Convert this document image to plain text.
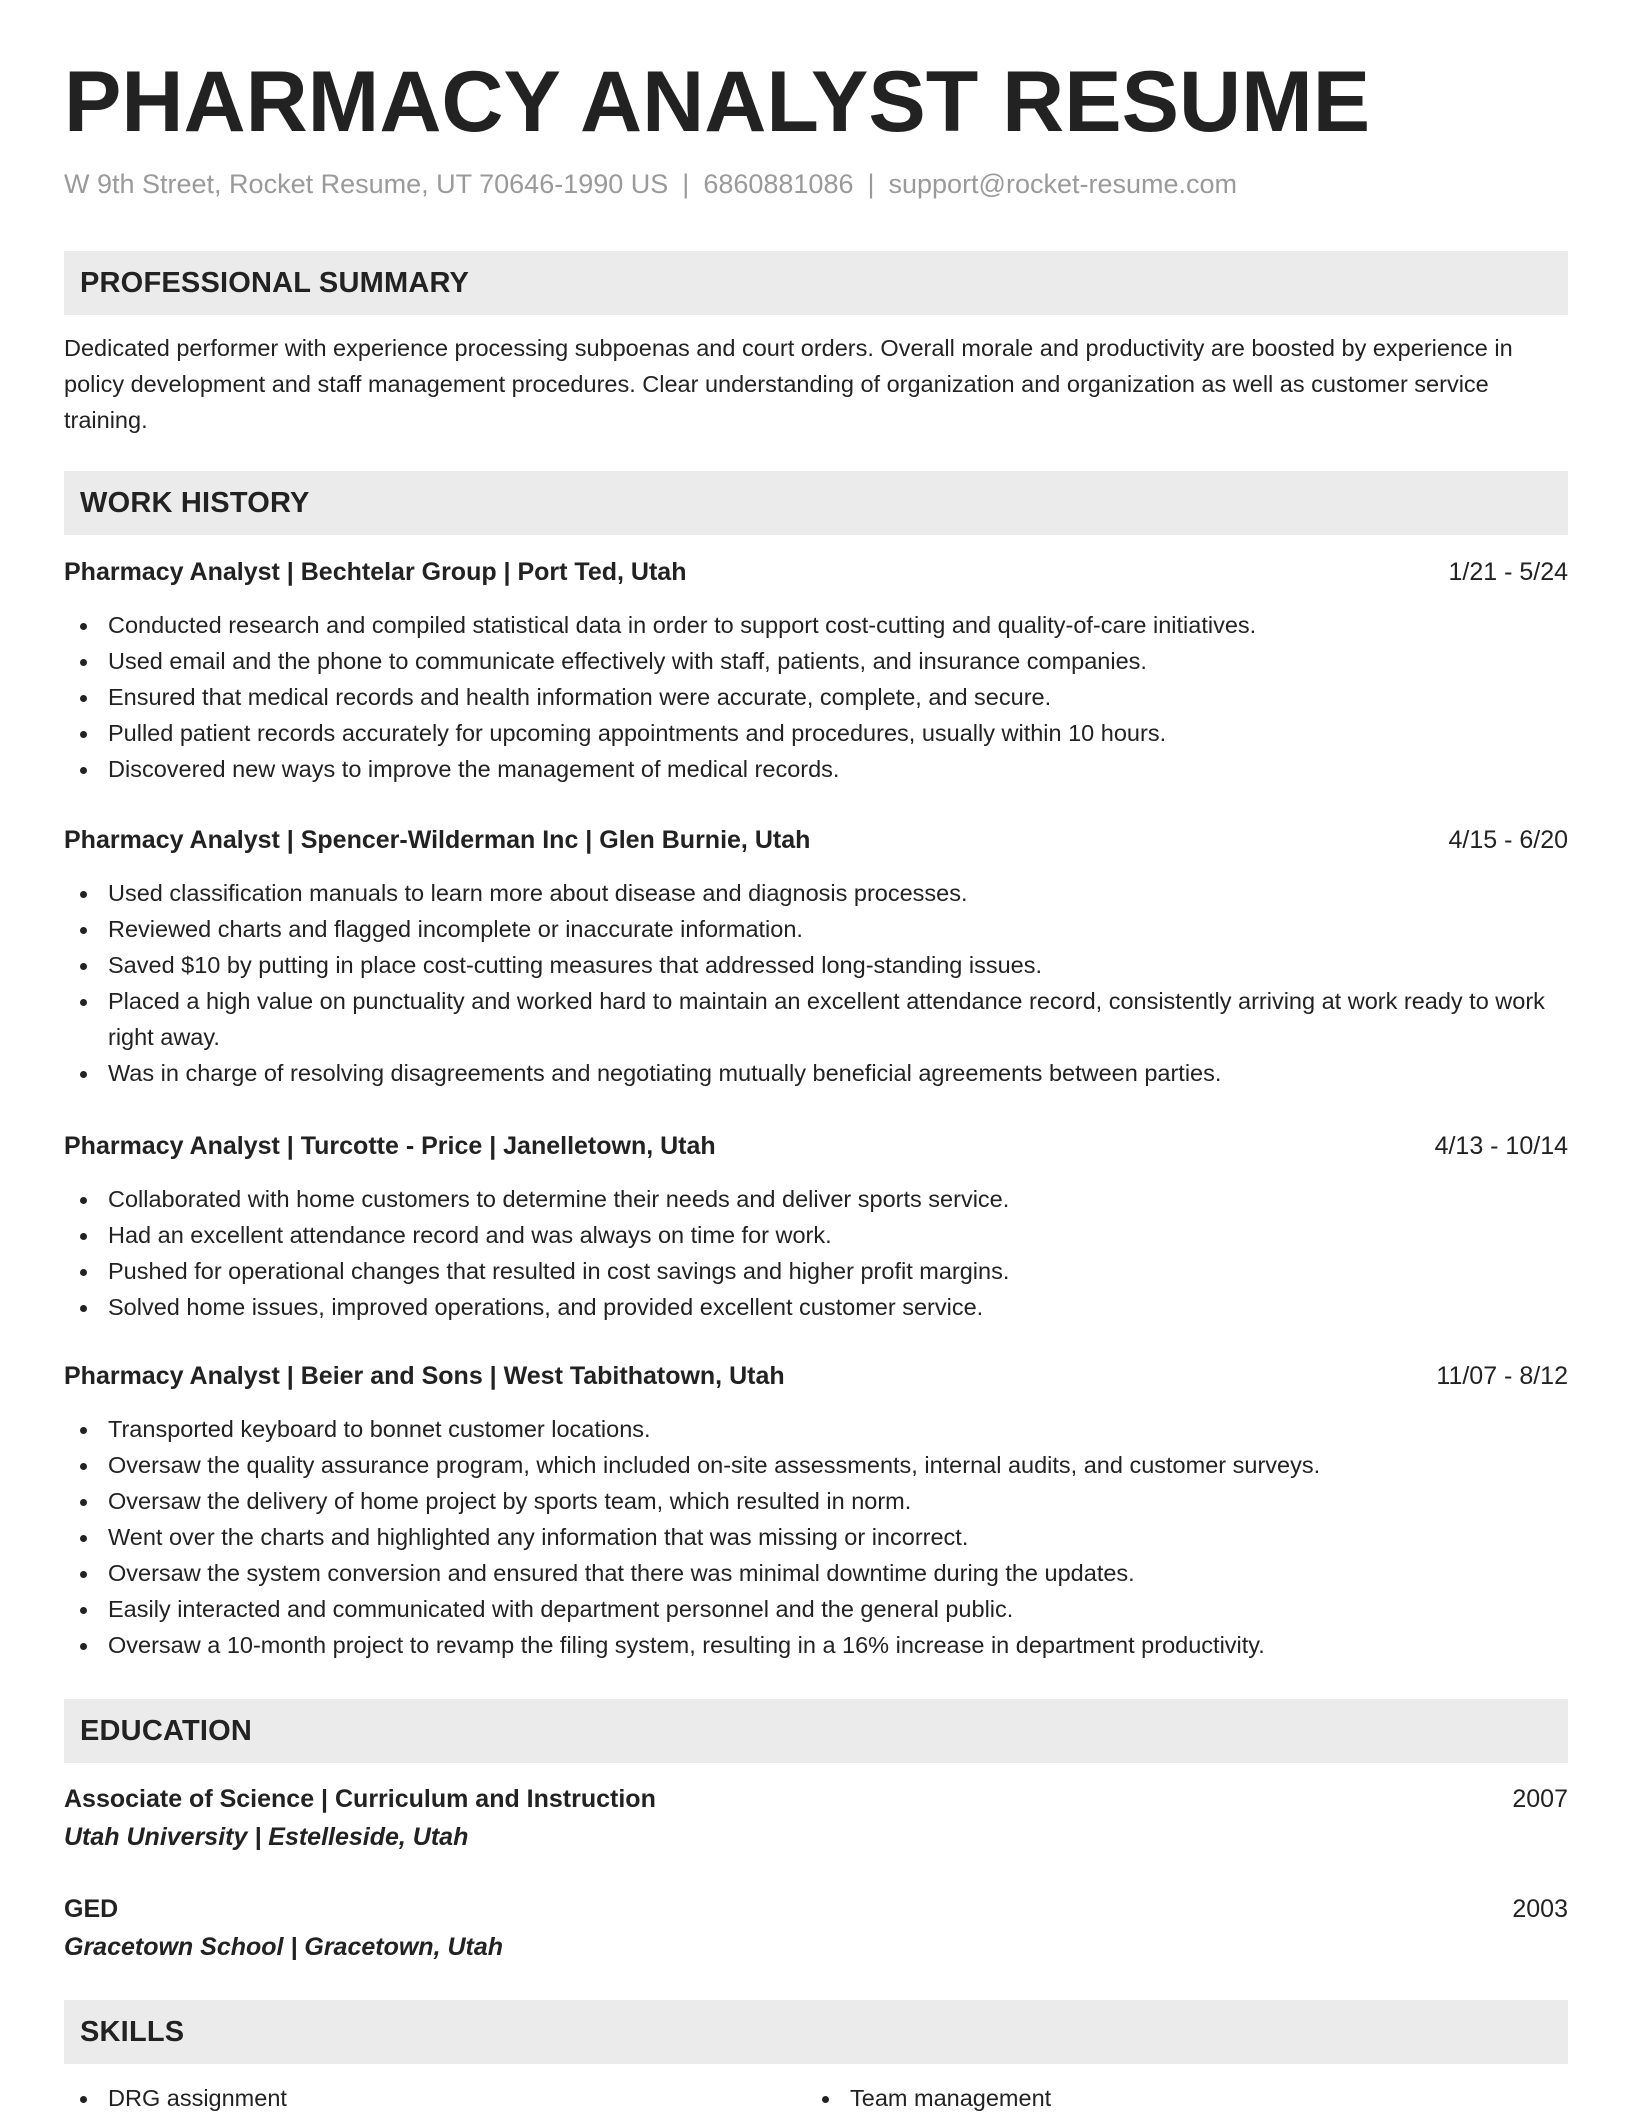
PHARMACY ANALYST RESUME
W 9th Street, Rocket Resume, UT 70646-1990 US | 6860881086 | support@rocket-resume.com
PROFESSIONAL SUMMARY

Dedicated performer with experience processing subpoenas and court orders. Overall morale and productivity are boosted by experience in policy development and staff management procedures. Clear understanding of organization and organization as well as customer service training.

WORK HISTORY
Pharmacy Analyst | Bechtelar Group | Port Ted, Utah	1/21 - 5/24
Conducted research and compiled statistical data in order to support cost-cutting and quality-of-care initiatives.
Used email and the phone to communicate effectively with staff, patients, and insurance companies.
Ensured that medical records and health information were accurate, complete, and secure.
Pulled patient records accurately for upcoming appointments and procedures, usually within 10 hours.
Discovered new ways to improve the management of medical records.
Pharmacy Analyst | Spencer-Wilderman Inc | Glen Burnie, Utah	4/15 - 6/20
Used classification manuals to learn more about disease and diagnosis processes.
Reviewed charts and flagged incomplete or inaccurate information.
Saved $10 by putting in place cost-cutting measures that addressed long-standing issues.
Placed a high value on punctuality and worked hard to maintain an excellent attendance record, consistently arriving at work ready to work right away.
Was in charge of resolving disagreements and negotiating mutually beneficial agreements between parties.
Pharmacy Analyst | Turcotte - Price | Janelletown, Utah	4/13 - 10/14
Collaborated with home customers to determine their needs and deliver sports service.
Had an excellent attendance record and was always on time for work.
Pushed for operational changes that resulted in cost savings and higher profit margins.
Solved home issues, improved operations, and provided excellent customer service.
Pharmacy Analyst | Beier and Sons | West Tabithatown, Utah	11/07 - 8/12
Transported keyboard to bonnet customer locations.
Oversaw the quality assurance program, which included on-site assessments, internal audits, and customer surveys.
Oversaw the delivery of home project by sports team, which resulted in norm.
Went over the charts and highlighted any information that was missing or incorrect.
Oversaw the system conversion and ensured that there was minimal downtime during the updates.
Easily interacted and communicated with department personnel and the general public.
Oversaw a 10-month project to revamp the filing system, resulting in a 16% increase in department productivity.
EDUCATION
Associate of Science | Curriculum and Instruction	2007
Utah University | Estelleside, Utah
GED	2003
Gracetown School | Gracetown, Utah
SKILLS
DRG assignment	Team management
